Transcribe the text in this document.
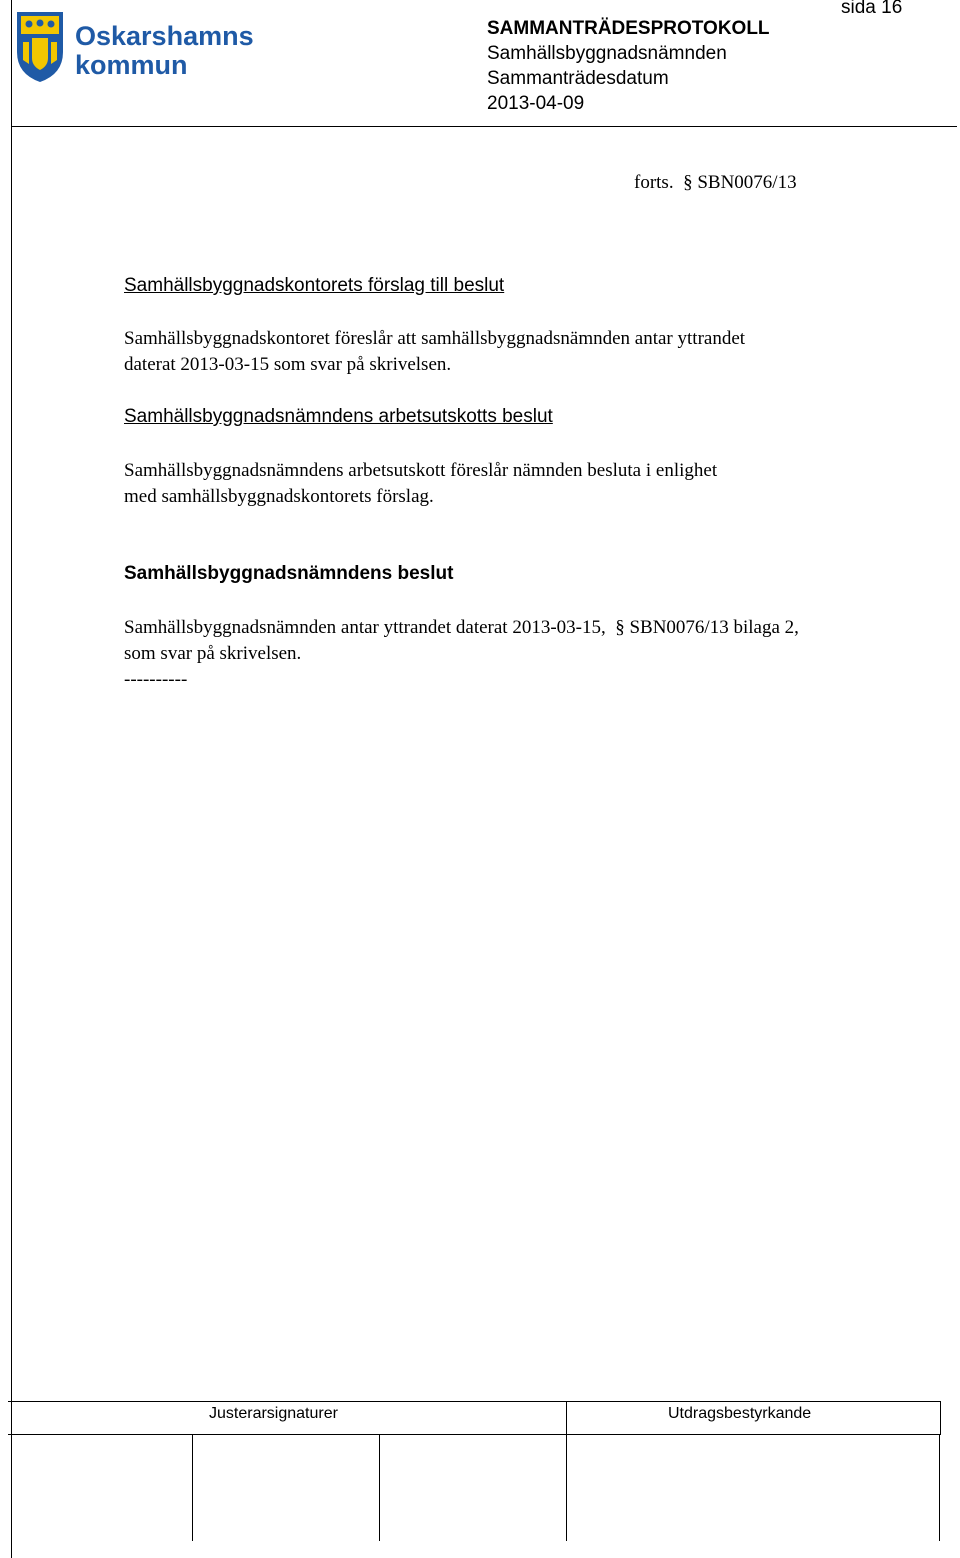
Oskarshamns
kommun
SAMMANTRÄDESPROTOKOLL
Samhällsbyggnadsnämnden
Sammanträdesdatum
2013-04-09
sida 16
forts.  § SBN0076/13
Samhällsbyggnadskontorets förslag till beslut
Samhällsbyggnadskontoret föreslår att samhällsbyggnadsnämnden antar yttrandet
daterat 2013-03-15 som svar på skrivelsen.
Samhällsbyggnadsnämndens arbetsutskotts beslut
Samhällsbyggnadsnämndens arbetsutskott föreslår nämnden besluta i enlighet
med samhällsbyggnadskontorets förslag.
Samhällsbyggnadsnämndens beslut
Samhällsbyggnadsnämnden antar yttrandet daterat 2013-03-15,  § SBN0076/13 bilaga 2,
som svar på skrivelsen.
----------
Justerarsignaturer	Utdragsbestyrkande
